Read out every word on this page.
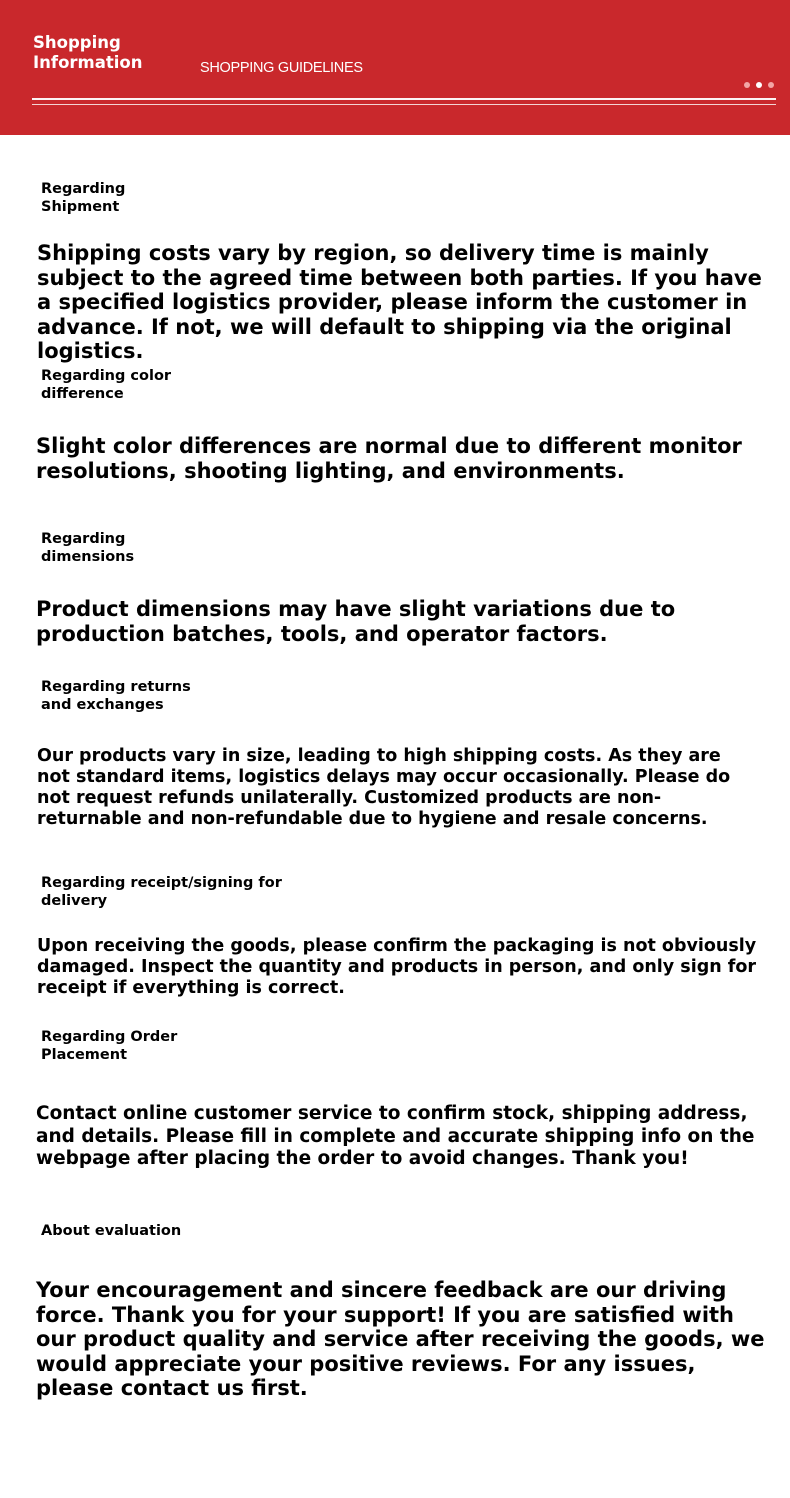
Shopping
Information	SHOPPING GUIDELINES
Regarding
Shipment
Shipping costs vary by region, so delivery time is mainly subject to the agreed time between both parties. If you have a specified logistics provider, please inform the customer in advance. If not, we will default to shipping via the original logistics.
Regarding color
difference
Slight color differences are normal due to different monitor resolutions, shooting lighting, and environments.
Regarding
dimensions
Product dimensions may have slight variations due to production batches, tools, and operator factors.
Regarding returns
and exchanges
Our products vary in size, leading to high shipping costs. As they are not standard items, logistics delays may occur occasionally. Please do not request refunds unilaterally. Customized products are non-returnable and non-refundable due to hygiene and resale concerns.
Regarding receipt/signing for
delivery
Upon receiving the goods, please confirm the packaging is not obviously damaged. Inspect the quantity and products in person, and only sign for receipt if everything is correct.
Regarding Order
Placement
Contact online customer service to confirm stock, shipping address, and details. Please fill in complete and accurate shipping info on the webpage after placing the order to avoid changes. Thank you!
About evaluation
Your encouragement and sincere feedback are our driving force. Thank you for your support! If you are satisfied with our product quality and service after receiving the goods, we would appreciate your positive reviews. For any issues, please contact us first.
